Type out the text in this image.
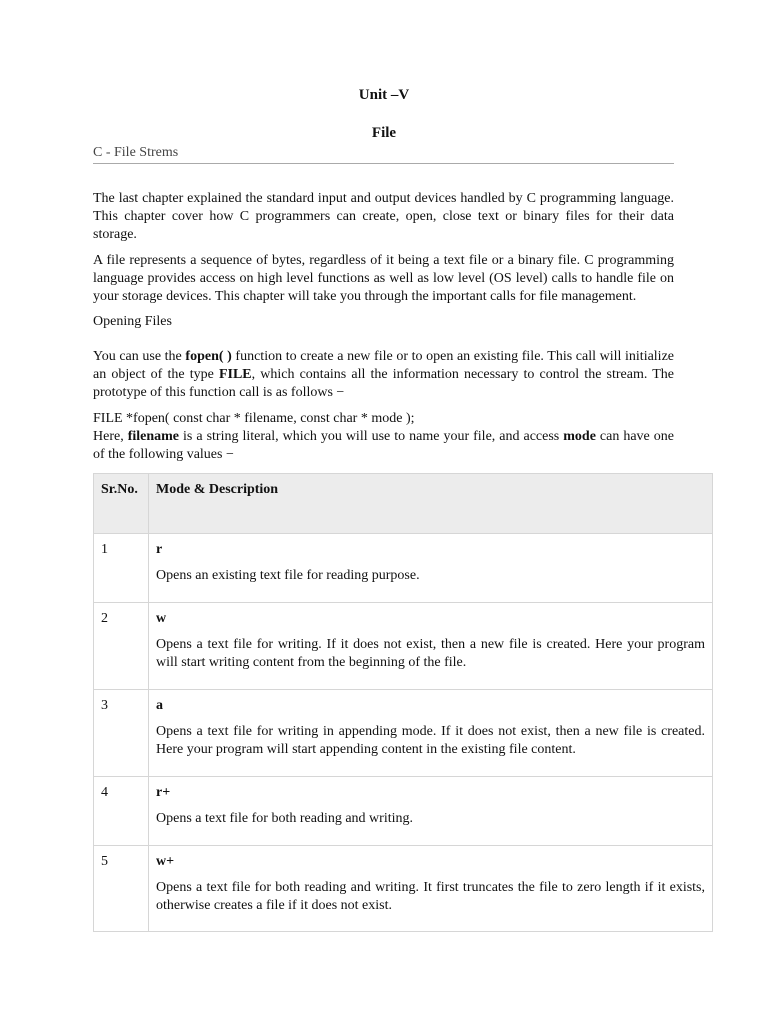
Unit –V
File
C - File Strems

The last chapter explained the standard input and output devices handled by C programming language. This chapter cover how C programmers can create, open, close text or binary files for their data storage.

A file represents a sequence of bytes, regardless of it being a text file or a binary file. C programming language provides access on high level functions as well as low level (OS level) calls to handle file on your storage devices. This chapter will take you through the important calls for file management.

Opening Files

You can use the fopen( ) function to create a new file or to open an existing file. This call will initialize an object of the type FILE, which contains all the information necessary to control the stream. The prototype of this function call is as follows −

FILE *fopen( const char * filename, const char * mode );

Here, filename is a string literal, which you will use to name your file, and access mode can have one of the following values −

Sr.No.	Mode & Description
1	r
Opens an existing text file for reading purpose.

2	w
Opens a text file for writing. If it does not exist, then a new file is created. Here your program will start writing content from the beginning of the file.

3	a
Opens a text file for writing in appending mode. If it does not exist, then a new file is created. Here your program will start appending content in the existing file content.

4	r+
Opens a text file for both reading and writing.

5	w+
Opens a text file for both reading and writing. It first truncates the file to zero length if it exists, otherwise creates a file if it does not exist.
